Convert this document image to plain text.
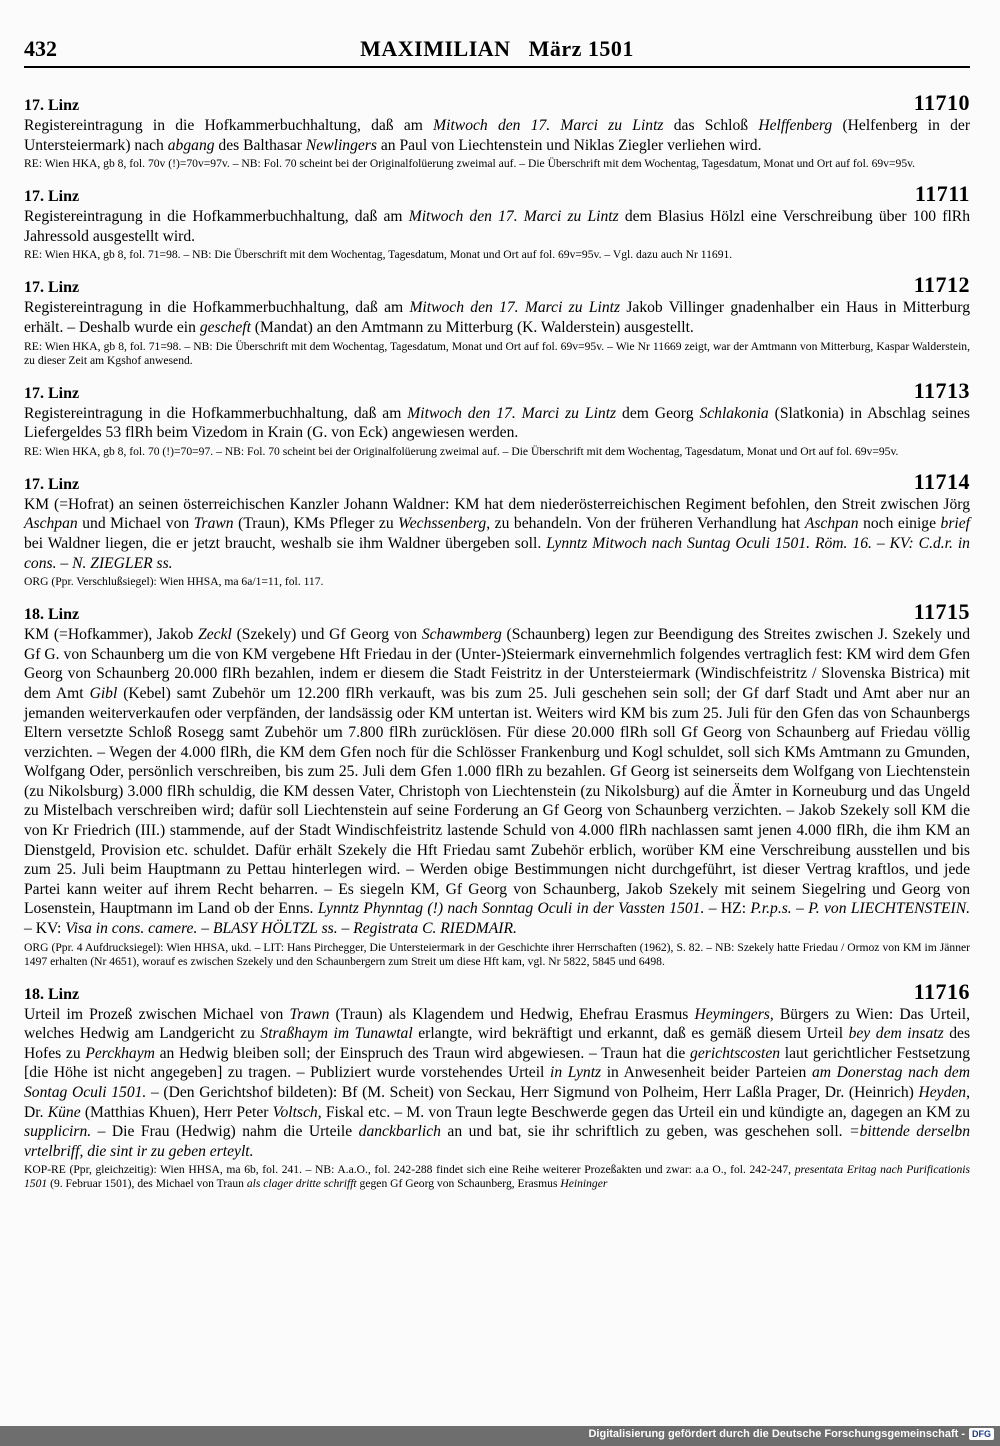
432	MAXIMILIAN   März 1501
17. Linz	11710

Registereintragung in die Hofkammerbuchhaltung, daß am Mitwoch den 17. Marci zu Lintz das Schloß Helffenberg (Helfenberg in der Untersteiermark) nach abgang des Balthasar Newlingers an Paul von Liechtenstein und Niklas Ziegler verliehen wird.

RE: Wien HKA, gb 8, fol. 70v (!)=70v=97v. – NB: Fol. 70 scheint bei der Originalfolüerung zweimal auf. – Die Überschrift mit dem Wochentag, Tagesdatum, Monat und Ort auf fol. 69v=95v.

17. Linz	11711

Registereintragung in die Hofkammerbuchhaltung, daß am Mitwoch den 17. Marci zu Lintz dem Blasius Hölzl eine Verschreibung über 100 flRh Jahressold ausgestellt wird.

RE: Wien HKA, gb 8, fol. 71=98. – NB: Die Überschrift mit dem Wochentag, Tagesdatum, Monat und Ort auf fol. 69v=95v. – Vgl. dazu auch Nr 11691.

17. Linz	11712

Registereintragung in die Hofkammerbuchhaltung, daß am Mitwoch den 17. Marci zu Lintz Jakob Villinger gnadenhalber ein Haus in Mitterburg erhält. – Deshalb wurde ein gescheft (Mandat) an den Amtmann zu Mitterburg (K. Walderstein) ausgestellt.

RE: Wien HKA, gb 8, fol. 71=98. – NB: Die Überschrift mit dem Wochentag, Tagesdatum, Monat und Ort auf fol. 69v=95v. – Wie Nr 11669 zeigt, war der Amtmann von Mitterburg, Kaspar Walderstein, zu dieser Zeit am Kgshof anwesend.

17. Linz	11713

Registereintragung in die Hofkammerbuchhaltung, daß am Mitwoch den 17. Marci zu Lintz dem Georg Schlakonia (Slatkonia) in Abschlag seines Liefergeldes 53 flRh beim Vizedom in Krain (G. von Eck) angewiesen werden.

RE: Wien HKA, gb 8, fol. 70 (!)=70=97. – NB: Fol. 70 scheint bei der Originalfolüerung zweimal auf. – Die Überschrift mit dem Wochentag, Tagesdatum, Monat und Ort auf fol. 69v=95v.

17. Linz	11714

KM (=Hofrat) an seinen österreichischen Kanzler Johann Waldner: KM hat dem niederösterreichischen Regiment befohlen, den Streit zwischen Jörg Aschpan und Michael von Trawn (Traun), KMs Pfleger zu Wechssenberg, zu behandeln. Von der früheren Verhandlung hat Aschpan noch einige brief bei Waldner liegen, die er jetzt braucht, weshalb sie ihm Waldner übergeben soll. Lynntz Mitwoch nach Suntag Oculi 1501. Röm. 16. – KV: C.d.r. in cons. – N. ZIEGLER ss.

ORG (Ppr. Verschlußsiegel): Wien HHSA, ma 6a/1=11, fol. 117.

18. Linz	11715

KM (=Hofkammer), Jakob Zeckl (Szekely) und Gf Georg von Schawmberg (Schaunberg) legen zur Beendigung des Streites zwischen J. Szekely und Gf G. von Schaunberg um die von KM vergebene Hft Friedau in der (Unter-)Steiermark einvernehmlich folgendes vertraglich fest: KM wird dem Gfen Georg von Schaunberg 20.000 flRh bezahlen, indem er diesem die Stadt Feistritz in der Untersteiermark (Windischfeistritz / Slovenska Bistrica) mit dem Amt Gibl (Kebel) samt Zubehör um 12.200 flRh verkauft, was bis zum 25. Juli geschehen sein soll; der Gf darf Stadt und Amt aber nur an jemanden weiterverkaufen oder verpfänden, der landsässig oder KM untertan ist. Weiters wird KM bis zum 25. Juli für den Gfen das von Schaunbergs Eltern versetzte Schloß Rosegg samt Zubehör um 7.800 flRh zurücklösen. Für diese 20.000 flRh soll Gf Georg von Schaunberg auf Friedau völlig verzichten. – Wegen der 4.000 flRh, die KM dem Gfen noch für die Schlösser Frankenburg und Kogl schuldet, soll sich KMs Amtmann zu Gmunden, Wolfgang Oder, persönlich verschreiben, bis zum 25. Juli dem Gfen 1.000 flRh zu bezahlen. Gf Georg ist seinerseits dem Wolfgang von Liechtenstein (zu Nikolsburg) 3.000 flRh schuldig, die KM dessen Vater, Christoph von Liechtenstein (zu Nikolsburg) auf die Ämter in Korneuburg und das Ungeld zu Mistelbach verschreiben wird; dafür soll Liechtenstein auf seine Forderung an Gf Georg von Schaunberg verzichten. – Jakob Szekely soll KM die von Kr Friedrich (III.) stammende, auf der Stadt Windischfeistritz lastende Schuld von 4.000 flRh nachlassen samt jenen 4.000 flRh, die ihm KM an Dienstgeld, Provision etc. schuldet. Dafür erhält Szekely die Hft Friedau samt Zubehör erblich, worüber KM eine Verschreibung ausstellen und bis zum 25. Juli beim Hauptmann zu Pettau hinterlegen wird. – Werden obige Bestimmungen nicht durchgeführt, ist dieser Vertrag kraftlos, und jede Partei kann weiter auf ihrem Recht beharren. – Es siegeln KM, Gf Georg von Schaunberg, Jakob Szekely mit seinem Siegelring und Georg von Losenstein, Hauptmann im Land ob der Enns. Lynntz Phynntag (!) nach Sonntag Oculi in der Vassten 1501. – HZ: P.r.p.s. – P. von LIECHTENSTEIN. – KV: Visa in cons. camere. – BLASY HÖLTZL ss. – Registrata C. RIEDMAIR.

ORG (Ppr. 4 Aufdrucksiegel): Wien HHSA, ukd. – LIT: Hans Pirchegger, Die Untersteiermark in der Geschichte ihrer Herrschaften (1962), S. 82. – NB: Szekely hatte Friedau / Ormoz von KM im Jänner 1497 erhalten (Nr 4651), worauf es zwischen Szekely und den Schaunbergern zum Streit um diese Hft kam, vgl. Nr 5822, 5845 und 6498.

18. Linz	11716

Urteil im Prozeß zwischen Michael von Trawn (Traun) als Klagendem und Hedwig, Ehefrau Erasmus Heymingers, Bürgers zu Wien: Das Urteil, welches Hedwig am Landgericht zu Straßhaym im Tunawtal erlangte, wird bekräftigt und erkannt, daß es gemäß diesem Urteil bey dem insatz des Hofes zu Perckhaym an Hedwig bleiben soll; der Einspruch des Traun wird abgewiesen. – Traun hat die gerichtscosten laut gerichtlicher Festsetzung [die Höhe ist nicht angegeben] zu tragen. – Publiziert wurde vorstehendes Urteil in Lyntz in Anwesenheit beider Parteien am Donerstag nach dem Sontag Oculi 1501. – (Den Gerichtshof bildeten): Bf (M. Scheit) von Seckau, Herr Sigmund von Polheim, Herr Laßla Prager, Dr. (Heinrich) Heyden, Dr. Küne (Matthias Khuen), Herr Peter Voltsch, Fiskal etc. – M. von Traun legte Beschwerde gegen das Urteil ein und kündigte an, dagegen an KM zu supplicirn. – Die Frau (Hedwig) nahm die Urteile danckbarlich an und bat, sie ihr schriftlich zu geben, was geschehen soll. =bittende derselbn vrtelbriff, die sint ir zu geben erteylt.

KOP-RE (Ppr, gleichzeitig): Wien HHSA, ma 6b, fol. 241. – NB: A.a.O., fol. 242-288 findet sich eine Reihe weiterer Prozeßakten und zwar: a.a O., fol. 242-247, presentata Eritag nach Purificationis 1501 (9. Februar 1501), des Michael von Traun als clager dritte schrifft gegen Gf Georg von Schaunberg, Erasmus Heininger

Digitalisierung gefördert durch die Deutsche Forschungsgemeinschaft - DFG
